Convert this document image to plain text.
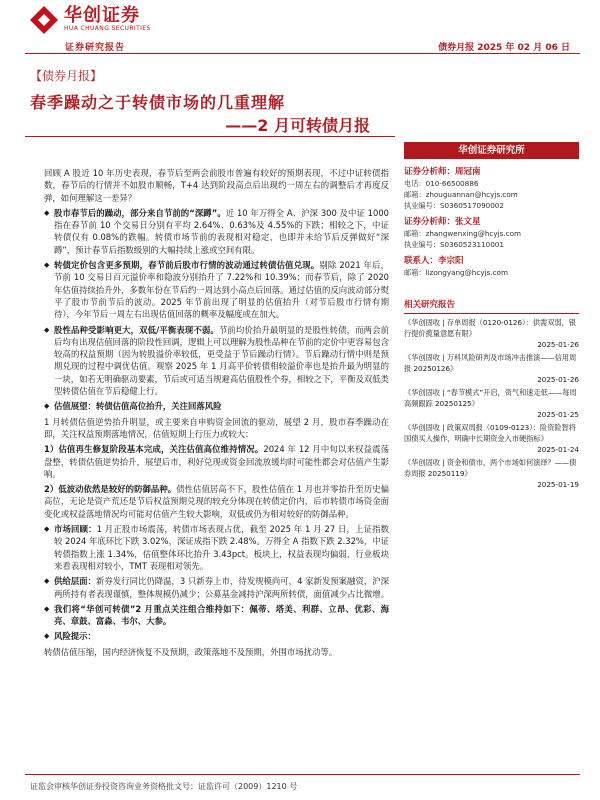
华创证券
HUA CHUANG SECURITIES
证券研究报告	债券月报 2025 年 02 月 06 日
【债券月报】
春季躁动之于转债市场的几重理解
——2 月可转债月报

回顾 A 股近 10 年历史表现，春节后至两会前股市普遍有较好的预期表现，不过中证转债指数，春节后的行情并不如股市顺畅，T+4 达到阶段高点后出现约一周左右的调整后才再度反弹，如何理解这一差异？

◆ 股市春节后的躁动，部分来自节前的“深蹲”。近 10 年万得全 A、沪深 300 及中证 1000 指在春节前 10 个交易日分别有平均 2.64%、0.63%及 4.55%的下跌；相较之下，中证转债仅有 0.08%的跌幅。转债市场节前的表现相对稳定，也即并未给节后反弹做好“深蹲”，预计春节后指数级别的大幅持续上涨或空间有限。

◆ 转债定价包含更多预期，春节前后股市行情的波动通过转债估值兑现。剔除 2021 年后，节前 10 交易日百元溢价率和隐波分别抬升了 7.22%和 10.39%；而春节后，除了 2020 年估值持续抬升外，多数年份在节后约一周达到小高点后回落。通过估值的反向波动部分熨平了股市节前节后的波动。2025 年节前出现了明显的估值抬升（对节后股市行情有期待），今年节后一周左右出现估值回落的概率及幅度或在加大。

◆ 股性品种受影响更大，双低/平衡表现不弱。节前均价抬升最明显的是股性转债，而两会前后均有出现估值回落的阶段性回调，逻辑上可以理解为股性品种在节前的定价中更容易包含较高的权益预期（因为转股溢价率较低，更受益于节后躁动行情）。节后躁动行情中则是预期兑现的过程中调优估值。观察 2025 年 1 月高平价转债相较溢价率也是抬升最为明显的一块，如若无明确驱动要素，节后或可适当规避高估值股性个券，相较之下，平衡及双低类型转债估值在节后稳健上行。

◆ 估值展望：转债估值高位抬升，关注回落风险

1 月转债估值逆势抬升明显，或主要来自申购资金回流的驱动，展望 2 月，股市春季躁动在即，关注权益预期落地情况，估值短期上行压力或较大：

1）估值再生修复阶段基本完成，关注估值高位维持情况。2024 年 12 月中旬以来权益震荡盘整，转债估值逆势抬升，展望后市，利好兑现或资金回流放缓均时可能性都会对估值产生影响。

2）低波动依然是较好的防御品种。债性估值居高不下，股性估值在 1 月也并零抬升至历史偏高位，无论是资产荒还是节后权益预期兑现的较充分体现在转债定价内，后市转债市场资金面变化或权益落地情况均可能对估值产生较大影响，双低或仍为相对较好的防御品种。

◆ 市场回顾：1 月正股市场震荡，转债市场表现占优，截至 2025 年 1 月 27 日，上证指数较 2024 年底环比下跌 3.02%，深证成指下跌 2.48%。万得全 A 指数下跌 2.32%，中证转债指数上涨 1.34%，估值整体环比抬升 3.43pct。板块上，权益表现均偏弱，行业板块来看表现相对较小，TMT 表现相对领先。

◆ 供给层面：新券发行同比仍降温，3 只新券上市，待发规模尚可，4 家新发预案融资，沪深两所持有者表现谨慎，整体规模仍减少；公募基金减持沪深两所转债，面值减少占比微增。

◆ 我们将“华创可转债”2 月重点关注组合维持如下：佩蒂、塔美、利群、立昂、优彩、海亮、章鼓、富淼、韦尔、大参。

◆ 风险提示：

转债估值压缩，国内经济恢复不及预期，政策落地不及预期，外围市场扰动等。

华创证券研究所
证券分析师：周冠南
电话：010-66500886
邮箱：zhouguannan@hcyjs.com
执业编号：S0360517090002
证券分析师：张文星
邮箱：zhangwenxing@hcyjs.com
执业编号：S0360523110001
联系人：李宗阳
邮箱：lizongyang@hcyjs.com
相关研究报告
《华创固收 | 存单周报（0120-0126）：供需双弱，银行提价揽量意愿有限》
2025-01-26
《华创固收 | 万科风险研判及市场冲击推演——信用周报 20250126》
2025-01-26
《华创固收 | “春节模式”开启，资气和速走低——每周高频跟踪 20250125》
2025-01-25
《华创固收 | 政策双周报（0109-0123）：险资险智将国债买入操作，明确中长期资金入市硬指标》
2025-01-24
《华创固收 | 资金和债市，两个市场如何演绎？——债券周报 20250119》
2025-01-19
证监会审核华创证券投资咨询业务资格批文号：证监许可（2009）1210 号
